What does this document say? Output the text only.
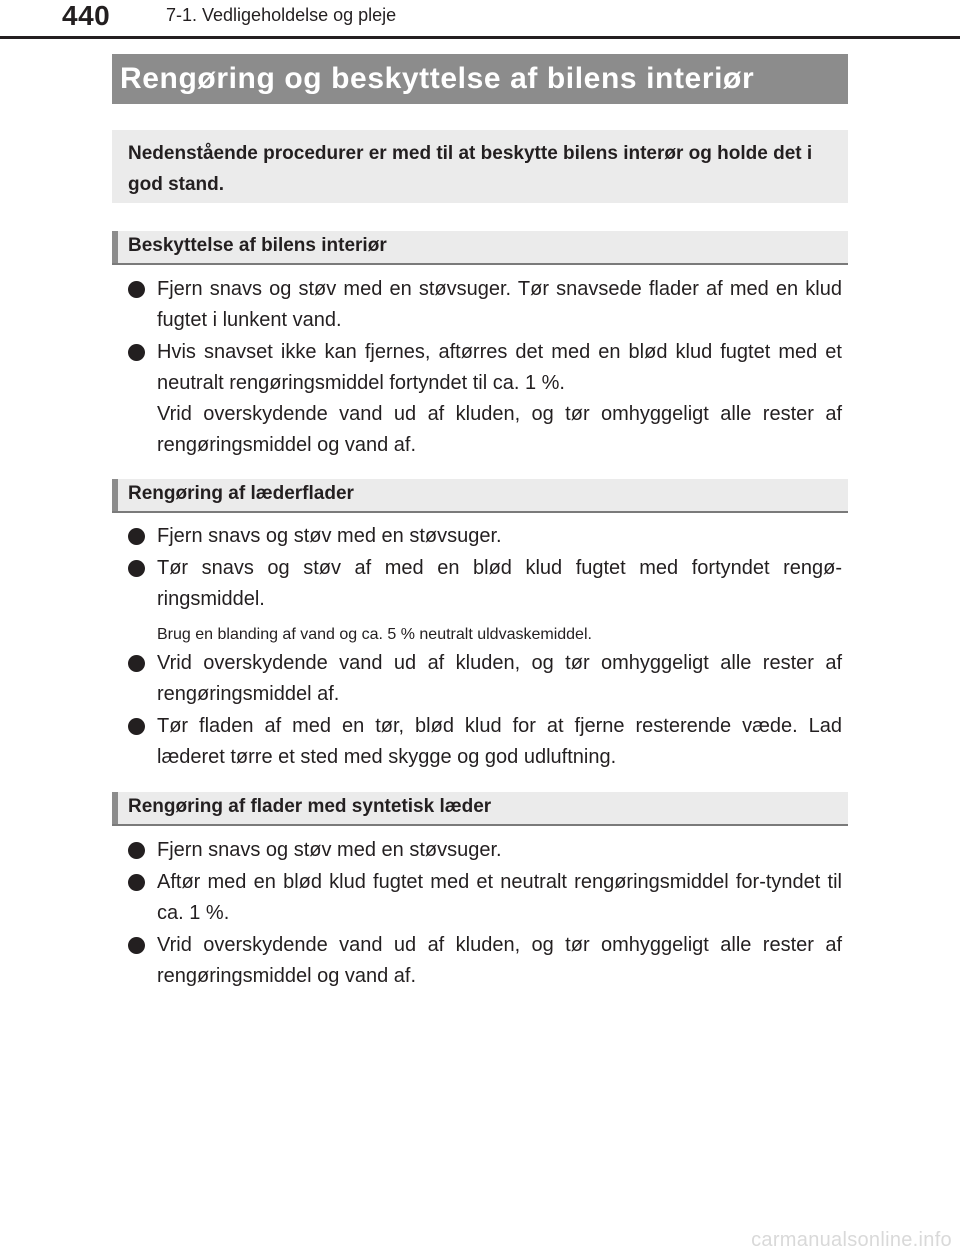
440	7-1. Vedligeholdelse og pleje
Rengøring og beskyttelse af bilens interiør
Nedenstående procedurer er med til at beskytte bilens interør og holde det i god stand.
Beskyttelse af bilens interiør
Fjern snavs og støv med en støvsuger. Tør snavsede flader af med en klud fugtet i lunkent vand.
Hvis snavset ikke kan fjernes, aftørres det med en blød klud fugtet med et neutralt rengøringsmiddel fortyndet til ca. 1 %.
Vrid overskydende vand ud af kluden, og tør omhyggeligt alle rester af rengøringsmiddel og vand af.
Rengøring af læderflader
Fjern snavs og støv med en støvsuger.
Tør snavs og støv af med en blød klud fugtet med fortyndet rengø-ringsmiddel.
Brug en blanding af vand og ca. 5 % neutralt uldvaskemiddel.
Vrid overskydende vand ud af kluden, og tør omhyggeligt alle rester af rengøringsmiddel af.
Tør fladen af med en tør, blød klud for at fjerne resterende væde. Lad læderet tørre et sted med skygge og god udluftning.
Rengøring af flader med syntetisk læder
Fjern snavs og støv med en støvsuger.
Aftør med en blød klud fugtet med et neutralt rengøringsmiddel for-tyndet til ca. 1 %.
Vrid overskydende vand ud af kluden, og tør omhyggeligt alle rester af rengøringsmiddel og vand af.
carmanualsonline.info
